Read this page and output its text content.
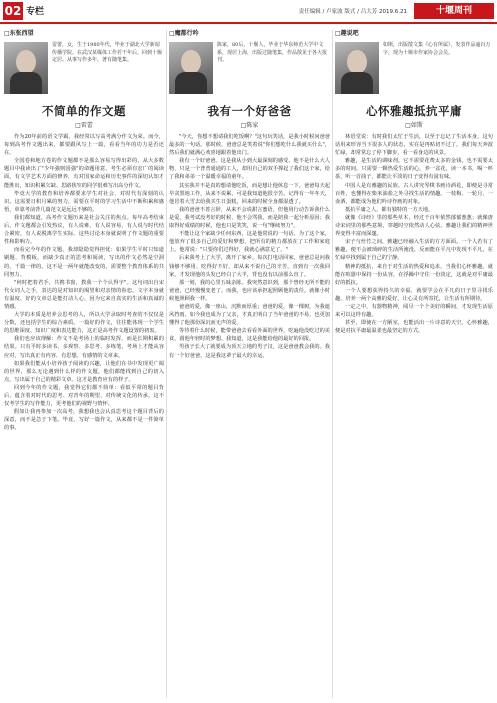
02 专栏	责任编辑 / 卢家波 版式 / 吕大芳 2019.6.21	十堰周刊
□东张西望
雷蕾，女，生于1980年代，毕业于湖北大学新闻传播学院。在武汉某媒体工作若干年后，回到十堰定居。从事写作多年，著有随笔集。
不简单的作文题
□雷蕾

作为20年前的语文学霸，我经常以写高考满分作文为荣。而今，每到高考作文题出来，都要跟风写上一篇，看看当年的功力是否还在。

全国卷和地方卷的作文题都不是那么容易写得出彩的，从大多数题目中我读出了"少年强则国强"的命题用意。考生必须有宏广的阅读面，有文学艺术方面的修养，有对国家命运和历史事件的深切认知才能胜出，知识积累欠缺、思路狭窄的同学很难写出高分作文。

毕竟大学的教育和培养都要求学生对社会、对时代有深刻的认识。这需要日积月累的努力，需要在平时的学习生活中不断积累和感悟，单靠考前背几篇范文是远远不够的。

我们都知道，高考作文题历来是社会关注的焦点。每年高考结束后，作文题都会引发热议，有人说难，有人说容易，有人说与时代结合紧密，有人说脱离学生实际。这些讨论本身就说明了作文题的重要性和影响力。

而看完今年的作文题，我却隐隐觉得担忧：如果学生平时只知道刷题、背模板，而缺少真正的思考和阅读，写出的作文必然是空洞的、千篇一律的。这不是一两年就能改变的，需要整个教育体系的共同努力。

"何时把着君手，共携书窗，教我一个个认得字"。这句词出自宋代女词人之手，表达的是对知识的渴望和对亲情的眷恋。文字本身就有温度，好的文章总是能打动人心，因为它来自真实的生活和真诚的情感。

大学的本质是培养会思考的人，所以大学录取时考查的不仅仅是分数，还包括学生的综合素质。一篇好的作文，往往能体现一个学生的思维深度、知识广度和表达能力，这正是高考作文题设置的初衷。

我们也应该理解：作文不是考场上的临时发挥，而是长期积累的结果。只有平时多读书、多观察、多思考、多练笔，考场上才能从容应对，写出真正有内容、有思想、有感情的文章来。

如果我们能从小培养孩子阅读的兴趣，让他们在书中发现更广阔的世界，那么无论遇到什么样的作文题，他们都能找到自己的切入点，写出属于自己的精彩文章。这才是教育应有的样子。

回到今年的作文题，我觉得它们都不简单：看似平常的题目背后，蕴含着对时代的思考、对青年的期望、对传统文化的传承。这不仅考学生的写作能力，更考他们的视野与情怀。

假如让我再参加一次高考，我想我也会认真思考这个题目背后的深意，而不是急于下笔。毕竟，写好一篇作文，从来都不是一件简单的事。

□魔都行吟
陈家，80后，十堰人，毕业于华东师范大学中文系，现居上海，出版过随笔集，作品散见于各大报刊。
我有一个好爸爸
□陈家

"今天，你想不想请我们吃饭啊？"这句玩笑话，是我小时候问爸爸最多的一句话。那时候，爸爸总是笑着说"你们想吃什么我就买什么"，然后我们就满心欢喜地跟着他出门。

我有一个好爸爸。这是我从小到大最深刻的感受。他不是什么大人物，只是一个普普通通的工人，却用自己的双手撑起了我们这个家，给了我和弟弟一个温暖幸福的童年。

其实我并不是真的想请他吃饭，而是想让他休息一下。爸爸每天起早贪黑地工作，从来不说累，可是我知道他很辛苦。记得有一年冬天，他冒着大雪去给我买生日蛋糕，回来的时候全身都湿透了。

我的爸爸不善言辞，从来不会说甜言蜜语，但他用行动告诉我什么是爱。我考试没考好的时候，他不会骂我，而是陪我一起分析原因；我取得好成绩的时候，他也只是笑笑，说一句"继续努力"。

不能让这个家缺少任何东西，这是他常说的一句话。为了这个家，他放弃了很多自己的爱好和梦想，把所有的精力都放在了工作和家庭上。他常说："只要你们过得好，我就心满意足了。"

后来我考上了大学，离开了家乡。每次打电话回家，爸爸总是问我钱够不够用、吃得好不好，却从来不说自己的辛苦。直到有一次我回家，才发现他的头发已经白了大半，背也没有以前那么直了。

那一刻，我的心里五味杂陈。我突然意识到，那个曾经无所不能的爸爸，已经慢慢变老了。而我，也应该承担起照顾他的责任，就像小时候他照顾我一样。

爸爸的爱，像一座山，沉默而厚重；爸爸的爱，像一棵树，为我遮风挡雨。如今我也成为了父亲，才真正明白了当年爸爸的不易，也更加懂得了他那份深沉而无声的爱。

等待着什么时候，能带爸爸去看看外面的世界，吃遍他没吃过的美食，圆他年轻时的梦想。我知道，这是我能给他的最好的回报。

男孩子长大了就要成为顶天立地的男子汉，这是爸爸教会我的。我有一个好爸爸，这是我这辈子最大的幸运。

□趣说吧
如斯，出版散文集《心有所属》，发表作品逾百万字，现为十堰市作家协会会员。
心怀雅趣抵抗平庸
□如斯

林语堂说：有时我们太忙于生活，以至于忘记了生活本身。这句话用来形容当下很多人的状态，实在是再贴切不过了。我们每天奔波忙碌，却常常忘了停下脚步，看一看身边的风景。

雅趣，是生活的调味剂。它不需要花费太多的金钱，也不需要太多的时间，只需要一颗热爱生活的心。养一盆花，读一本书，喝一杯茶，听一首曲子，都能让平淡的日子变得有滋有味。

中国人是有雅趣的民族。古人讲究琴棋书画诗酒花，即便是寻常百姓，也懂得在柴米油盐之外寻找生活的情趣。一枝梅、一轮月、一壶酒，都能成为他们吟诗作画的对象。

抵抗平庸之人，都有独特的一方天地。

就像《诗经》里的那些草木，经过千百年依然郁郁葱葱；就像唐诗宋词里的那些意境，穿越时空依然动人心弦。雅趣让我们的精神世界变得丰富而深邃。

宋子与丝竹之间，雅趣已经融入生活的方方面面。一个人若有了雅趣，便不会被琐碎的生活所淹没，反而能在平凡中发现不平凡，在忙碌中找到属于自己的宁静。

精神的抵抗，来自于对生活的热爱和追求。当我们心怀雅趣，就能在喧嚣中保持一份从容，在浮躁中守住一份淡定，这就是对平庸最好的抵抗。

一个人要想获得持久的幸福，就要学会在平凡的日子里寻找乐趣。培养一两个高雅的爱好，让心灵有所寄托，让生活有所期待。

一定之中，有器物精神，阅尽一个个美好的瞬间，才发现生活原来可以这样有趣。

甚至，即使在一方陋室，也能活出一片诗意的天空。心怀雅趣，便是对抗平庸最温柔也最坚定的方式。
